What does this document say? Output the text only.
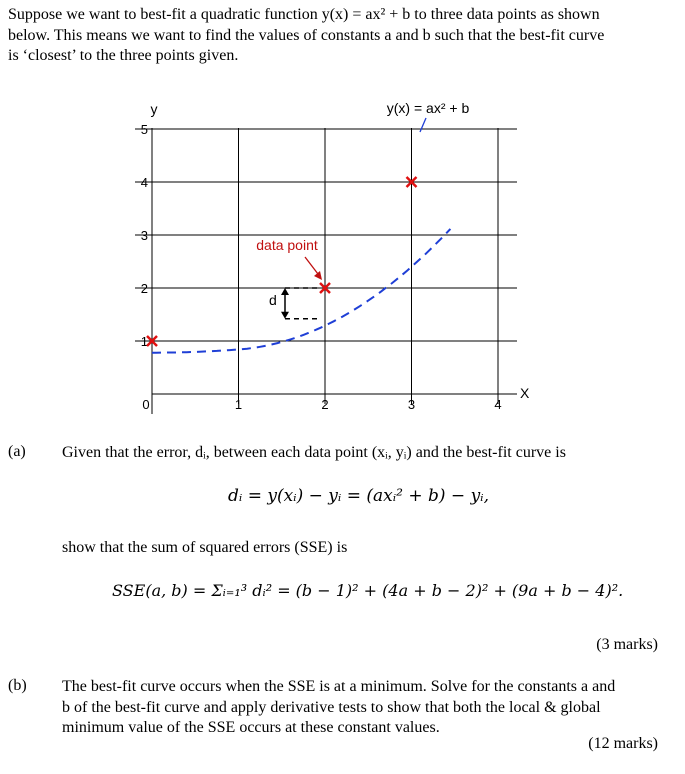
Suppose we want to best-fit a quadratic function y(x) = ax² + b to three data points as shown
below. This means we want to find the values of constants a and b such that the best-fit curve
is ‘closest’ to the three points given.
1
2
3
4
5
0	1	2	3	4
y
X
y(x) = ax² + b
d
data point
(a) Given that the error, dᵢ, between each data point (xᵢ, yᵢ) and the best-fit curve is
dᵢ = y(xᵢ) − yᵢ = (axᵢ² + b) − yᵢ,
show that the sum of squared errors (SSE) is
SSE(a, b) = Σᵢ₌₁³ dᵢ² = (b − 1)² + (4a + b − 2)² + (9a + b − 4)².
(3 marks)
(b) The best-fit curve occurs when the SSE is at a minimum. Solve for the constants a and
b of the best-fit curve and apply derivative tests to show that both the local & global
minimum value of the SSE occurs at these constant values.
(12 marks)
